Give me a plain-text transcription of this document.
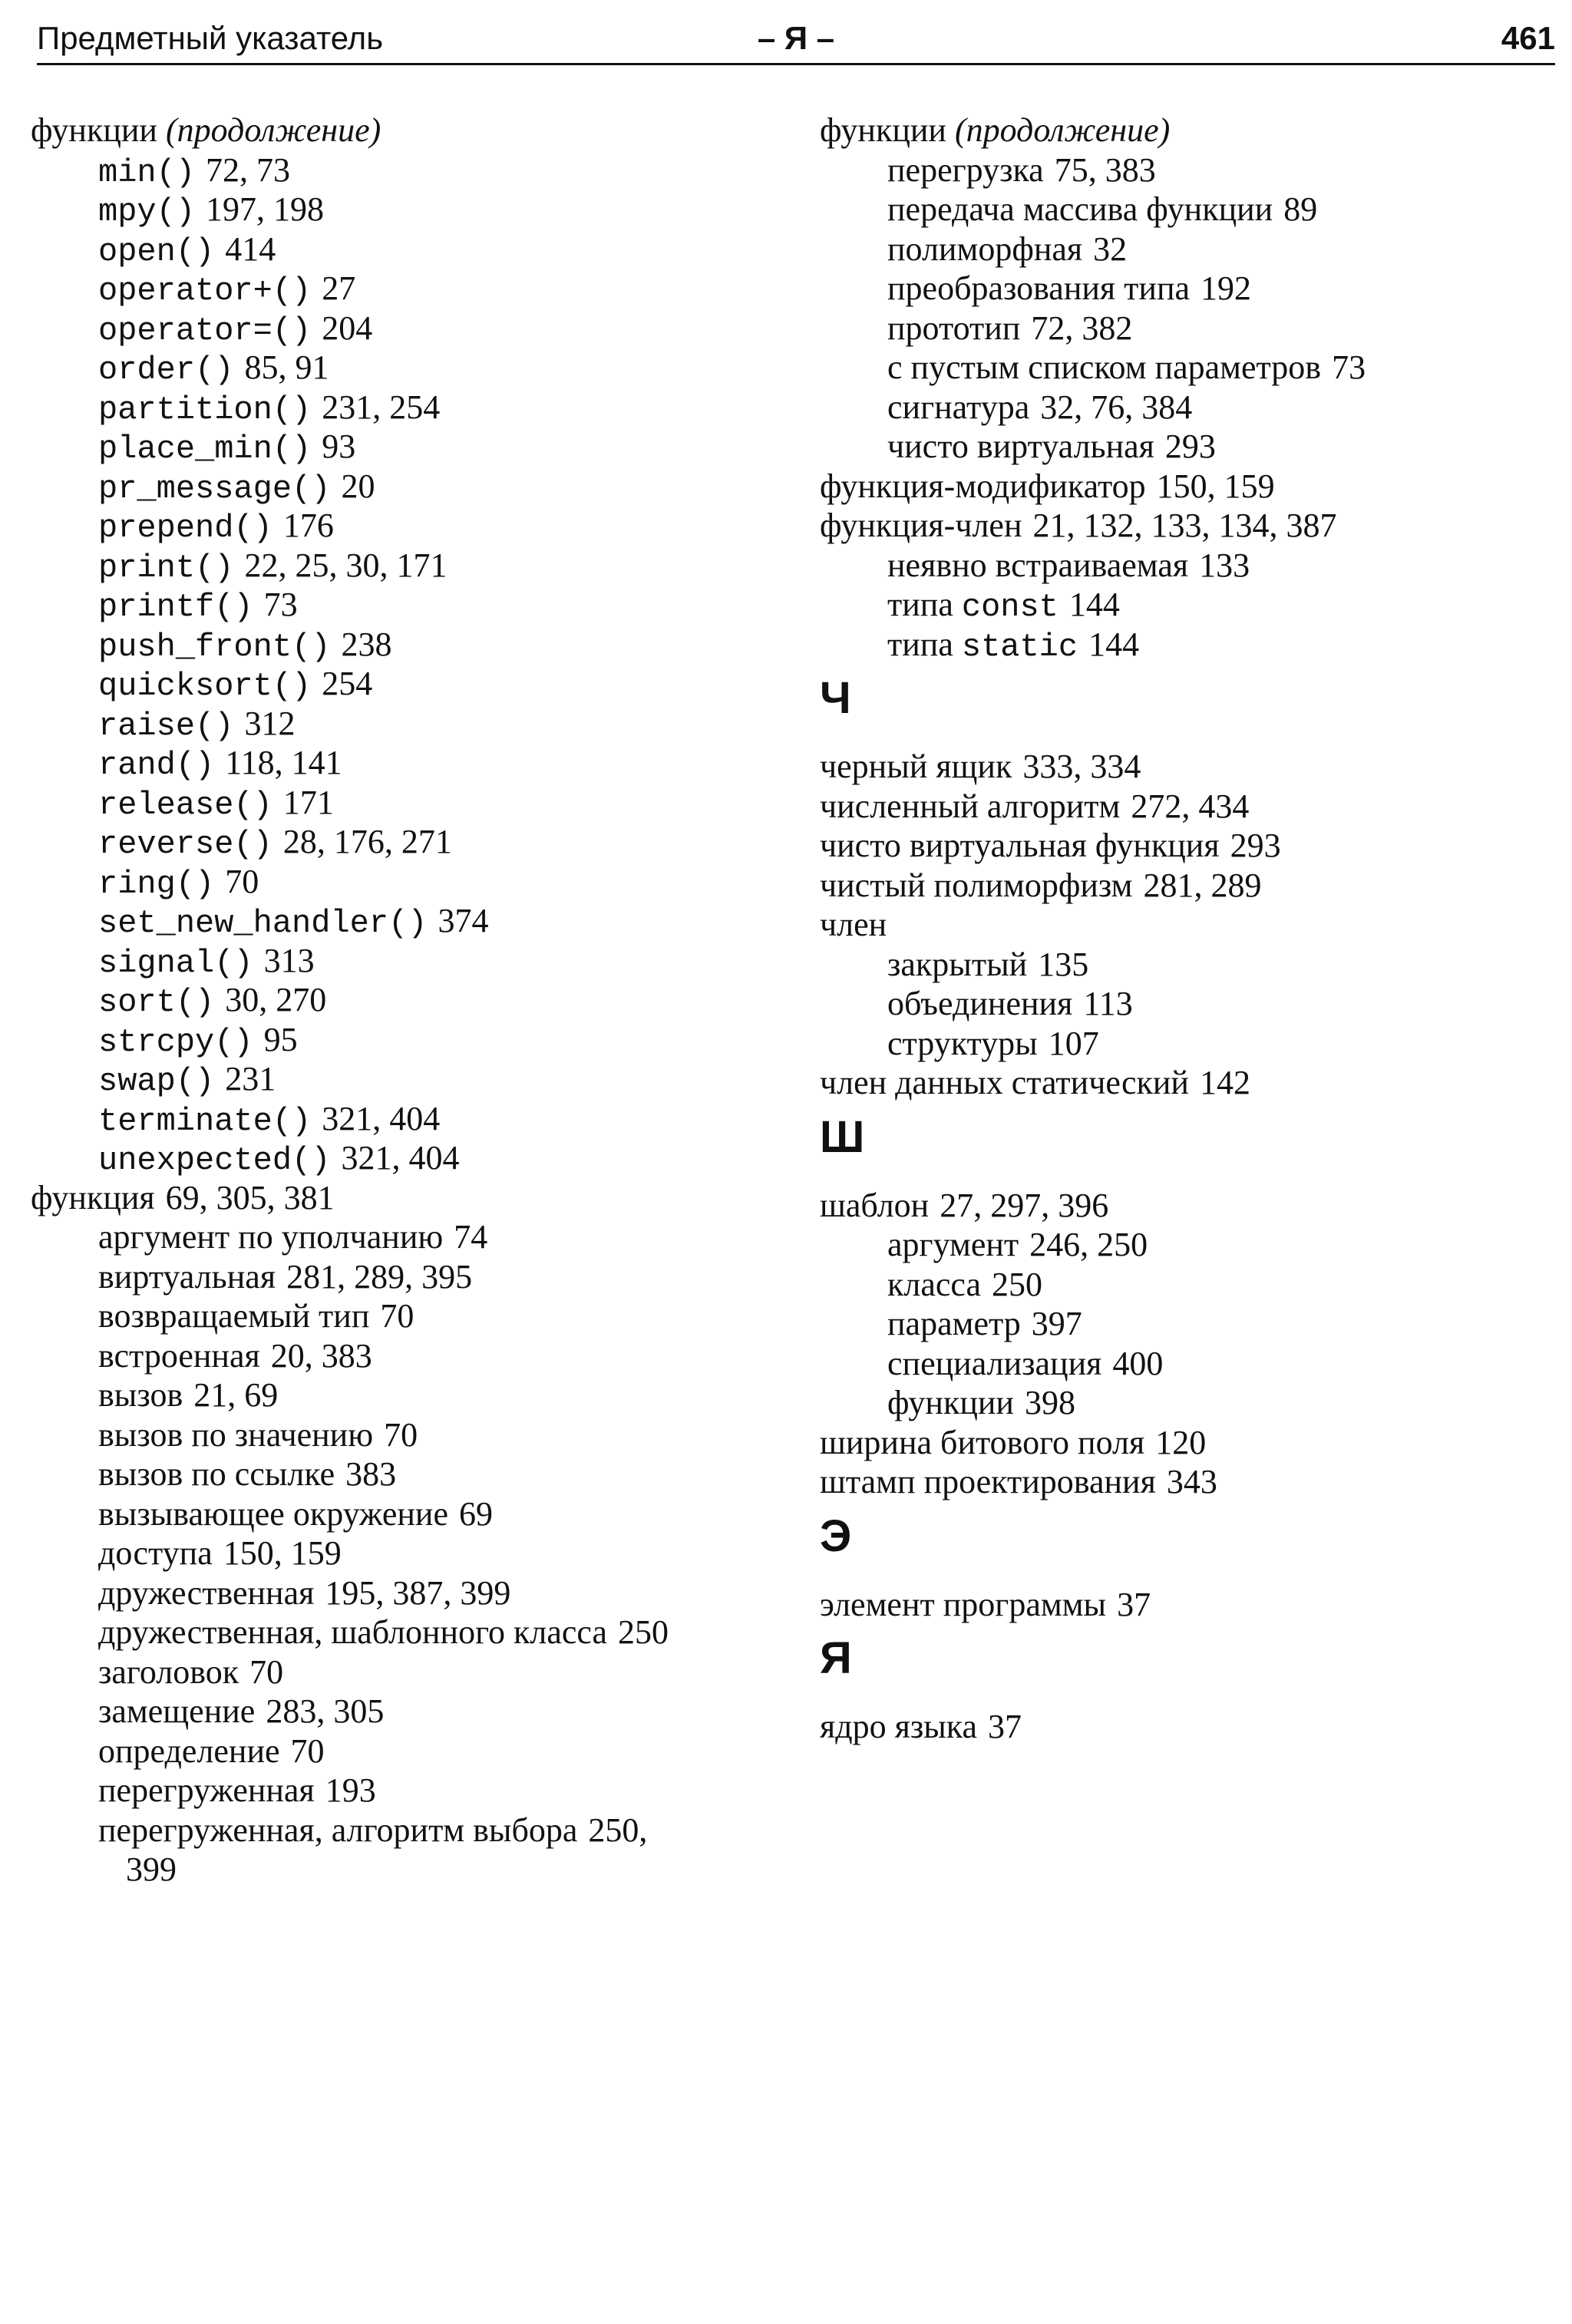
Предметный указатель	– Я –	461
функции (продолжение)
min() 72, 73
mpy() 197, 198
open() 414
operator+() 27
operator=() 204
order() 85, 91
partition() 231, 254
place_min() 93
pr_message() 20
prepend() 176
print() 22, 25, 30, 171
printf() 73
push_front() 238
quicksort() 254
raise() 312
rand() 118, 141
release() 171
reverse() 28, 176, 271
ring() 70
set_new_handler() 374
signal() 313
sort() 30, 270
strcpy() 95
swap() 231
terminate() 321, 404
unexpected() 321, 404
функция 69, 305, 381
аргумент по уполчанию 74
виртуальная 281, 289, 395
возвращаемый тип 70
встроенная 20, 383
вызов 21, 69
вызов по значению 70
вызов по ссылке 383
вызывающее окружение 69
доступа 150, 159
дружественная 195, 387, 399
дружественная, шаблонного класса 250
заголовок 70
замещение 283, 305
определение 70
перегруженная 193
перегруженная, алгоритм выбора 250,
399
функции (продолжение)
перегрузка 75, 383
передача массива функции 89
полиморфная 32
преобразования типа 192
прототип 72, 382
с пустым списком параметров 73
сигнатура 32, 76, 384
чисто виртуальная 293
функция-модификатор 150, 159
функция-член 21, 132, 133, 134, 387
неявно встраиваемая 133
типа const 144
типа static 144
Ч
черный ящик 333, 334
численный алгоритм 272, 434
чисто виртуальная функция 293
чистый полиморфизм 281, 289
член
закрытый 135
объединения 113
структуры 107
член данных статический 142
Ш
шаблон 27, 297, 396
аргумент 246, 250
класса 250
параметр 397
специализация 400
функции 398
ширина битового поля 120
штамп проектирования 343
Э
элемент программы 37
Я
ядро языка 37
